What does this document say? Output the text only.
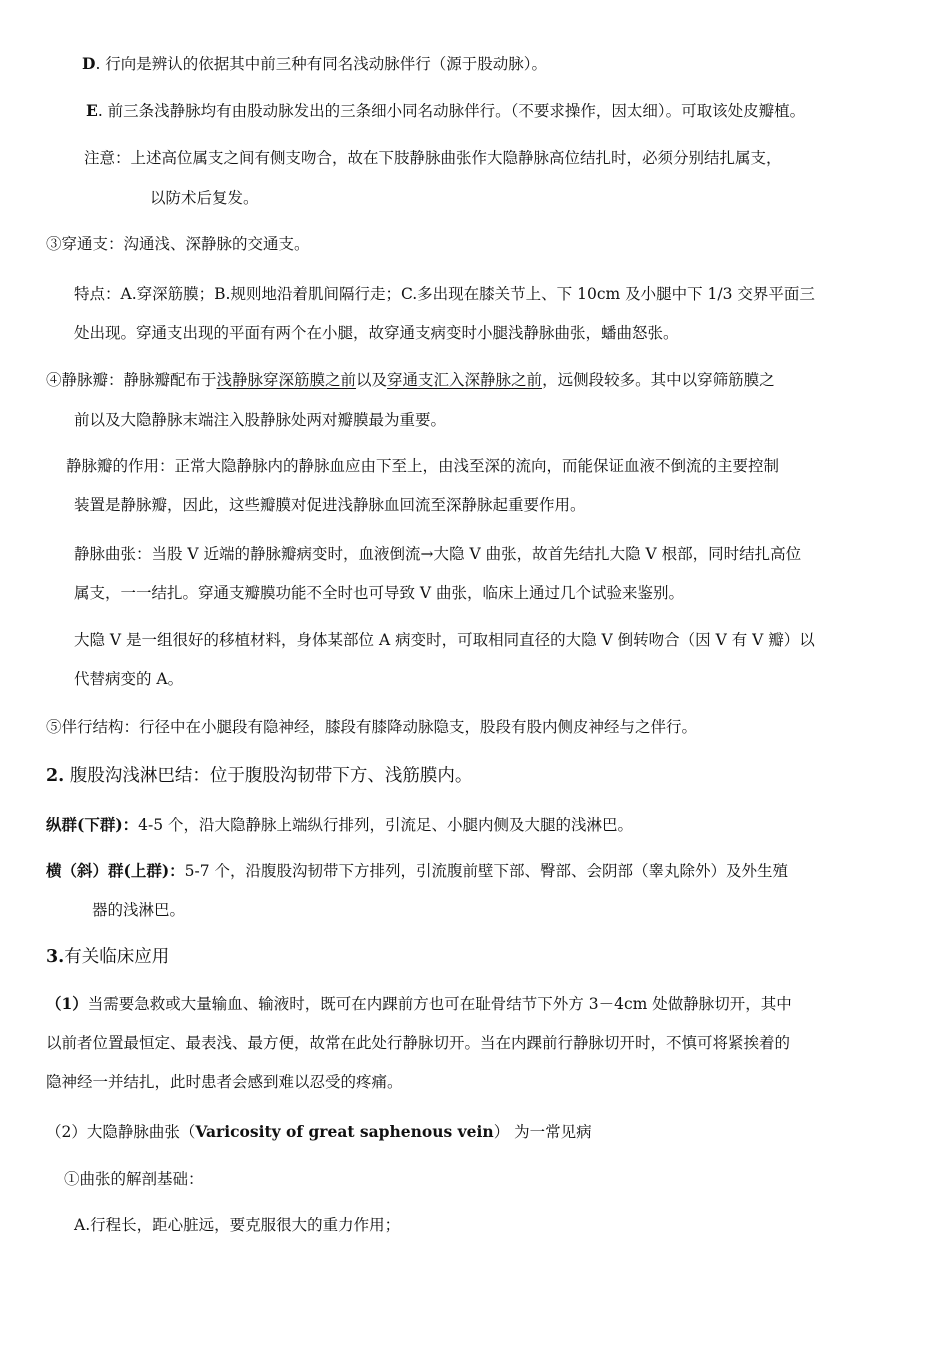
D. 行向是辨认的依据其中前三种有同名浅动脉伴行（源于股动脉）。
E. 前三条浅静脉均有由股动脉发出的三条细小同名动脉伴行。（不要求操作，因太细）。可取该处皮瓣植。
注意：上述高位属支之间有侧支吻合，故在下肢静脉曲张作大隐静脉高位结扎时，必须分别结扎属支，
以防术后复发。
③穿通支：沟通浅、深静脉的交通支。
特点：A.穿深筋膜；B.规则地沿着肌间隔行走；C.多出现在膝关节上、下 10cm 及小腿中下 1/3 交界平面三
处出现。穿通支出现的平面有两个在小腿，故穿通支病变时小腿浅静脉曲张，蟠曲怒张。
④静脉瓣：静脉瓣配布于浅静脉穿深筋膜之前以及穿通支汇入深静脉之前，远侧段较多。其中以穿筛筋膜之
前以及大隐静脉末端注入股静脉处两对瓣膜最为重要。
静脉瓣的作用：正常大隐静脉内的静脉血应由下至上，由浅至深的流向，而能保证血液不倒流的主要控制
装置是静脉瓣，因此，这些瓣膜对促进浅静脉血回流至深静脉起重要作用。
静脉曲张：当股 V 近端的静脉瓣病变时，血液倒流→大隐 V 曲张，故首先结扎大隐 V 根部，同时结扎高位
属支，一一结扎。穿通支瓣膜功能不全时也可导致 V 曲张，临床上通过几个试验来鉴别。
大隐 V 是一组很好的移植材料，身体某部位 A 病变时，可取相同直径的大隐 V 倒转吻合（因 V 有 V 瓣）以
代替病变的 A。
⑤伴行结构：行径中在小腿段有隐神经，膝段有膝降动脉隐支，股段有股内侧皮神经与之伴行。
2. 腹股沟浅淋巴结：位于腹股沟韧带下方、浅筋膜内。
纵群(下群)：4-5 个，沿大隐静脉上端纵行排列，引流足、小腿内侧及大腿的浅淋巴。
横（斜）群(上群)：5-7 个，沿腹股沟韧带下方排列，引流腹前壁下部、臀部、会阴部（睾丸除外）及外生殖
器的浅淋巴。
3.有关临床应用
（1）当需要急救或大量输血、输液时，既可在内踝前方也可在耻骨结节下外方 3－4cm 处做静脉切开，其中
以前者位置最恒定、最表浅、最方便，故常在此处行静脉切开。当在内踝前行静脉切开时，不慎可将紧挨着的
隐神经一并结扎，此时患者会感到难以忍受的疼痛。
（2）大隐静脉曲张（Varicosity of great saphenous vein） 为一常见病
①曲张的解剖基础：
A.行程长，距心脏远，要克服很大的重力作用；
